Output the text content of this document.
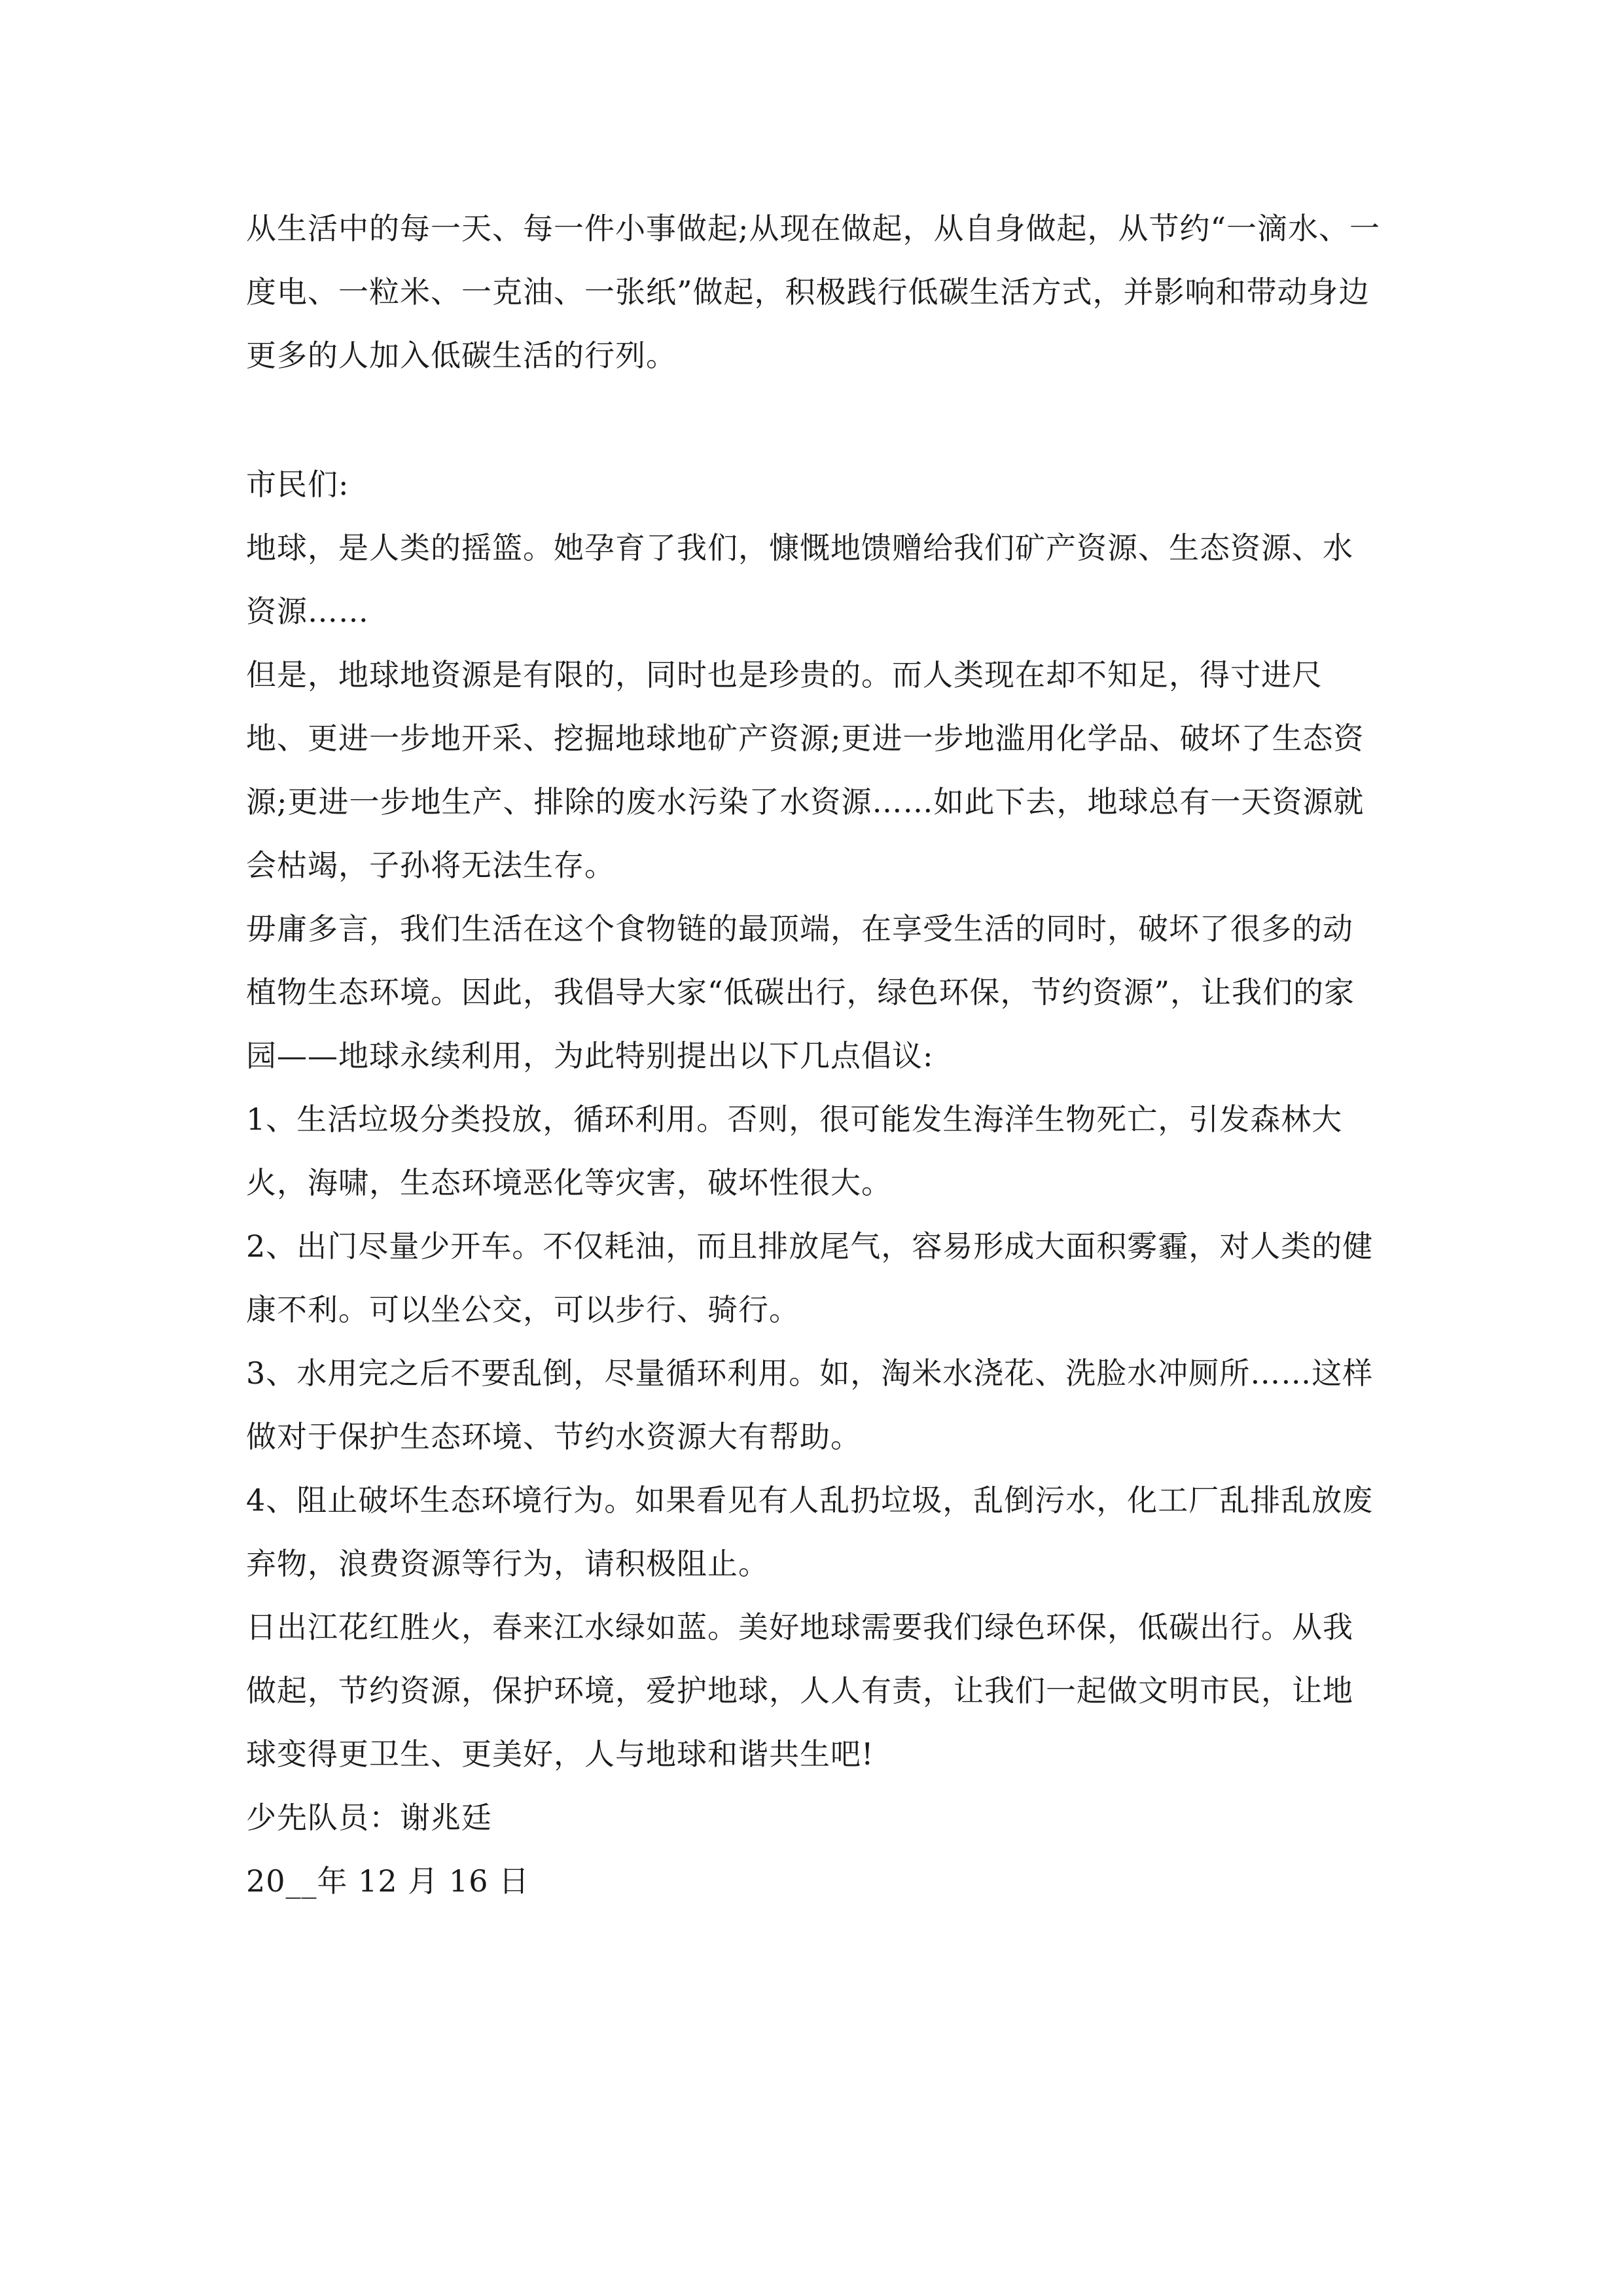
从生活中的每一天、每一件小事做起;从现在做起，从自身做起，从节约“一滴水、一度电、一粒米、一克油、一张纸”做起，积极践行低碳生活方式，并影响和带动身边更多的人加入低碳生活的行列。

市民们:

地球，是人类的摇篮。她孕育了我们，慷慨地馈赠给我们矿产资源、生态资源、水资源……

但是，地球地资源是有限的，同时也是珍贵的。而人类现在却不知足，得寸进尺地、更进一步地开采、挖掘地球地矿产资源;更进一步地滥用化学品、破坏了生态资源;更进一步地生产、排除的废水污染了水资源……如此下去，地球总有一天资源就会枯竭，子孙将无法生存。

毋庸多言，我们生活在这个食物链的最顶端，在享受生活的同时，破坏了很多的动植物生态环境。因此，我倡导大家“低碳出行，绿色环保，节约资源”，让我们的家园——地球永续利用，为此特别提出以下几点倡议:

1、生活垃圾分类投放，循环利用。否则，很可能发生海洋生物死亡，引发森林大火，海啸，生态环境恶化等灾害，破坏性很大。

2、出门尽量少开车。不仅耗油，而且排放尾气，容易形成大面积雾霾，对人类的健康不利。可以坐公交，可以步行、骑行。

3、水用完之后不要乱倒，尽量循环利用。如，淘米水浇花、洗脸水冲厕所……这样做对于保护生态环境、节约水资源大有帮助。

4、阻止破坏生态环境行为。如果看见有人乱扔垃圾，乱倒污水，化工厂乱排乱放废弃物，浪费资源等行为，请积极阻止。

日出江花红胜火，春来江水绿如蓝。美好地球需要我们绿色环保，低碳出行。从我做起，节约资源，保护环境，爱护地球，人人有责，让我们一起做文明市民，让地球变得更卫生、更美好，人与地球和谐共生吧!

少先队员：谢兆廷

20__年 12 月 16 日
